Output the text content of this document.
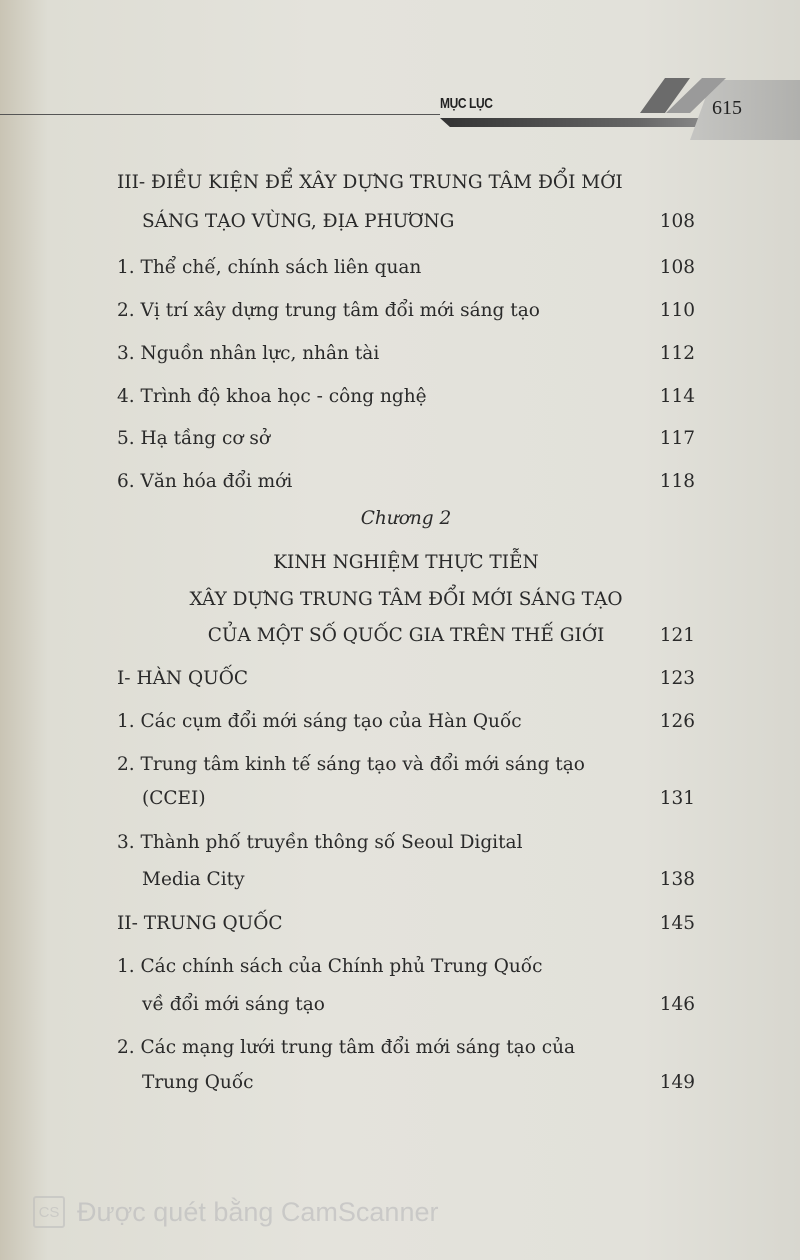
MỤC LỤC	615
III- ĐIỀU KIỆN ĐỂ XÂY DỰNG TRUNG TÂM ĐỔI MỚI
SÁNG TẠO VÙNG, ĐỊA PHƯƠNG	108
1. Thể chế, chính sách liên quan	108
2. Vị trí xây dựng trung tâm đổi mới sáng tạo	110
3. Nguồn nhân lực, nhân tài	112
4. Trình độ khoa học - công nghệ	114
5. Hạ tầng cơ sở	117
6. Văn hóa đổi mới	118
Chương 2
KINH NGHIỆM THỰC TIỄN
XÂY DỰNG TRUNG TÂM ĐỔI MỚI SÁNG TẠO
CỦA MỘT SỐ QUỐC GIA TRÊN THẾ GIỚI	121
I- HÀN QUỐC	123
1. Các cụm đổi mới sáng tạo của Hàn Quốc	126
2. Trung tâm kinh tế sáng tạo và đổi mới sáng tạo
(CCEI)	131
3. Thành phố truyền thông số Seoul Digital
Media City	138
II- TRUNG QUỐC	145
1. Các chính sách của Chính phủ Trung Quốc
về đổi mới sáng tạo	146
2. Các mạng lưới trung tâm đổi mới sáng tạo của
Trung Quốc	149
CS Được quét bằng CamScanner
